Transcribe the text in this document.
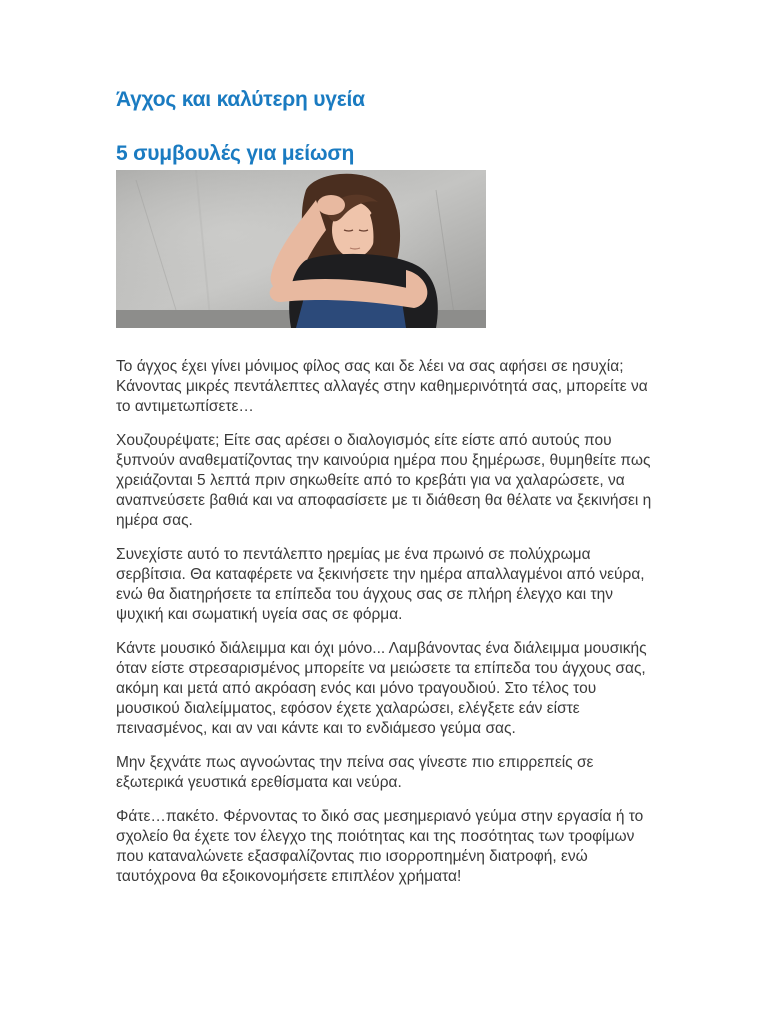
Άγχος και καλύτερη υγεία
5 συμβουλές για μείωση

Το άγχος έχει γίνει μόνιμος φίλος σας και δε λέει να σας αφήσει σε ησυχία; Κάνοντας μικρές πεντάλεπτες αλλαγές στην καθημερινότητά σας, μπορείτε να το αντιμετωπίσετε…

Χουζουρέψατε; Είτε σας αρέσει ο διαλογισμός είτε είστε από αυτούς που ξυπνούν αναθεματίζοντας την καινούρια ημέρα που ξημέρωσε, θυμηθείτε πως χρειάζονται 5 λεπτά πριν σηκωθείτε από το κρεβάτι για να χαλαρώσετε, να αναπνεύσετε βαθιά και να αποφασίσετε με τι διάθεση θα θέλατε να ξεκινήσει η ημέρα σας.

Συνεχίστε αυτό το πεντάλεπτο ηρεμίας με ένα πρωινό σε πολύχρωμα σερβίτσια. Θα καταφέρετε να ξεκινήσετε την ημέρα απαλλαγμένοι από νεύρα, ενώ θα διατηρήσετε τα επίπεδα του άγχους σας σε πλήρη έλεγχο και την ψυχική και σωματική υγεία σας σε φόρμα.

Κάντε μουσικό διάλειμμα και όχι μόνο... Λαμβάνοντας ένα διάλειμμα μουσικής όταν είστε στρεσαρισμένος μπορείτε να μειώσετε τα επίπεδα του άγχους σας, ακόμη και μετά από ακρόαση ενός και μόνο τραγουδιού. Στο τέλος του μουσικού διαλείμματος, εφόσον έχετε χαλαρώσει, ελέγξετε εάν είστε πεινασμένος, και αν ναι κάντε και το ενδιάμεσο γεύμα σας.

Μην ξεχνάτε πως αγνοώντας την πείνα σας γίνεστε πιο επιρρεπείς σε εξωτερικά γευστικά ερεθίσματα και νεύρα.

Φάτε…πακέτο. Φέρνοντας το δικό σας μεσημεριανό γεύμα στην εργασία ή το σχολείο θα έχετε τον έλεγχο της ποιότητας και της ποσότητας των τροφίμων που καταναλώνετε εξασφαλίζοντας πιο ισορροπημένη διατροφή, ενώ ταυτόχρονα θα εξοικονομήσετε επιπλέον χρήματα!
